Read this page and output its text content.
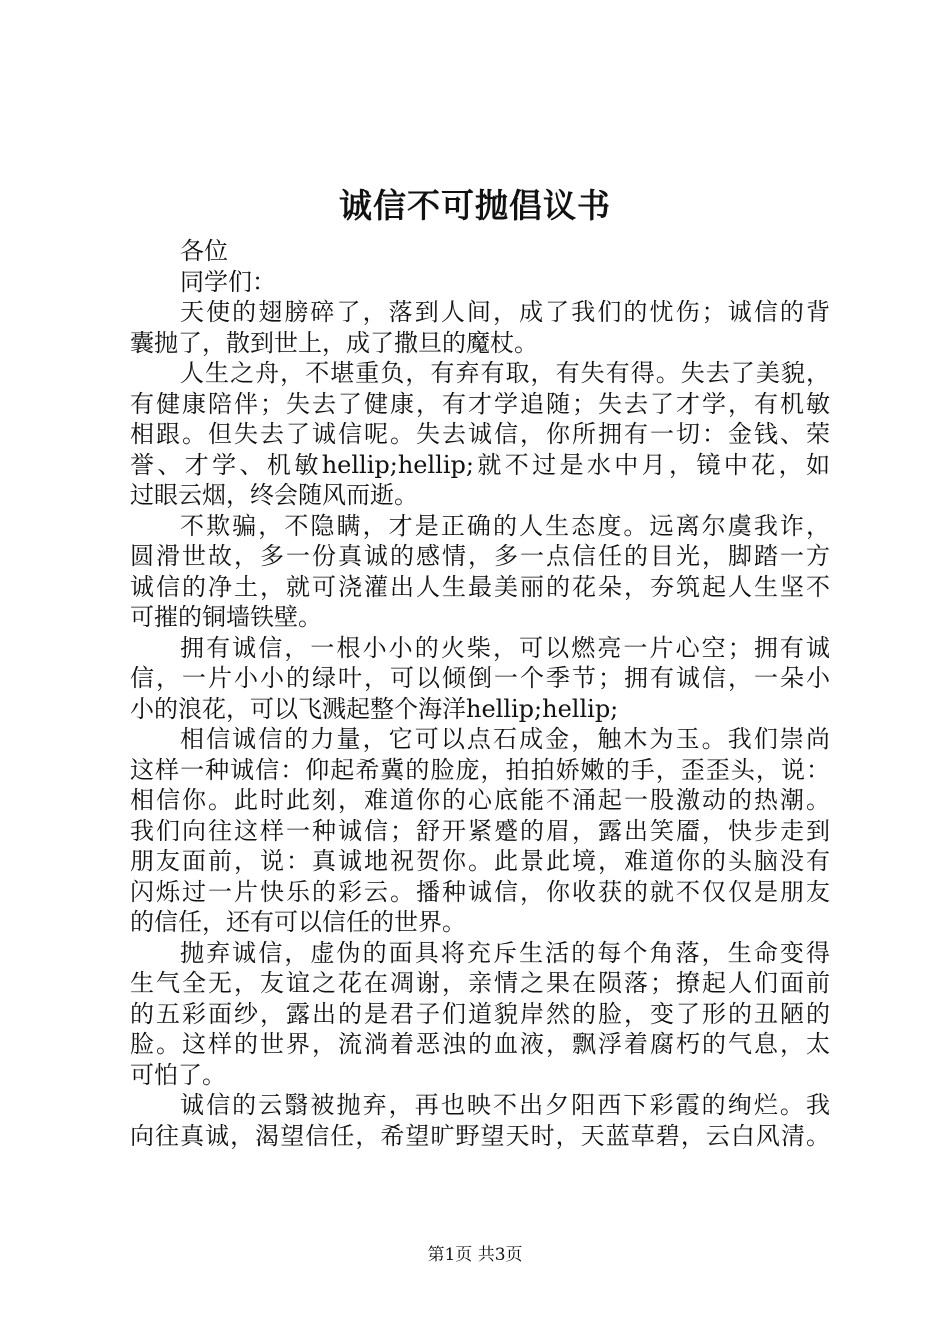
诚信不可抛倡议书
各位
同学们：
天使的翅膀碎了，落到人间，成了我们的忧伤；诚信的背
囊抛了，散到世上，成了撒旦的魔杖。
人生之舟，不堪重负，有弃有取，有失有得。失去了美貌，
有健康陪伴；失去了健康，有才学追随；失去了才学，有机敏
相跟。但失去了诚信呢。失去诚信，你所拥有一切：金钱、荣
誉、才学、机敏hellip;hellip;就不过是水中月，镜中花，如
过眼云烟，终会随风而逝。
不欺骗，不隐瞒，才是正确的人生态度。远离尔虞我诈，
圆滑世故，多一份真诚的感情，多一点信任的目光，脚踏一方
诚信的净土，就可浇灌出人生最美丽的花朵，夯筑起人生坚不
可摧的铜墙铁壁。
拥有诚信，一根小小的火柴，可以燃亮一片心空；拥有诚
信，一片小小的绿叶，可以倾倒一个季节；拥有诚信，一朵小
小的浪花，可以飞溅起整个海洋hellip;hellip;
相信诚信的力量，它可以点石成金，触木为玉。我们崇尚
这样一种诚信：仰起希冀的脸庞，拍拍娇嫩的手，歪歪头，说：
相信你。此时此刻，难道你的心底能不涌起一股激动的热潮。
我们向往这样一种诚信；舒开紧蹙的眉，露出笑靥，快步走到
朋友面前，说：真诚地祝贺你。此景此境，难道你的头脑没有
闪烁过一片快乐的彩云。播种诚信，你收获的就不仅仅是朋友
的信任，还有可以信任的世界。
抛弃诚信，虚伪的面具将充斥生活的每个角落，生命变得
生气全无，友谊之花在凋谢，亲情之果在陨落；撩起人们面前
的五彩面纱，露出的是君子们道貌岸然的脸，变了形的丑陋的
脸。这样的世界，流淌着恶浊的血液，飘浮着腐朽的气息，太
可怕了。
诚信的云翳被抛弃，再也映不出夕阳西下彩霞的绚烂。我
向往真诚，渴望信任，希望旷野望天时，天蓝草碧，云白风清。
第1页 共3页
